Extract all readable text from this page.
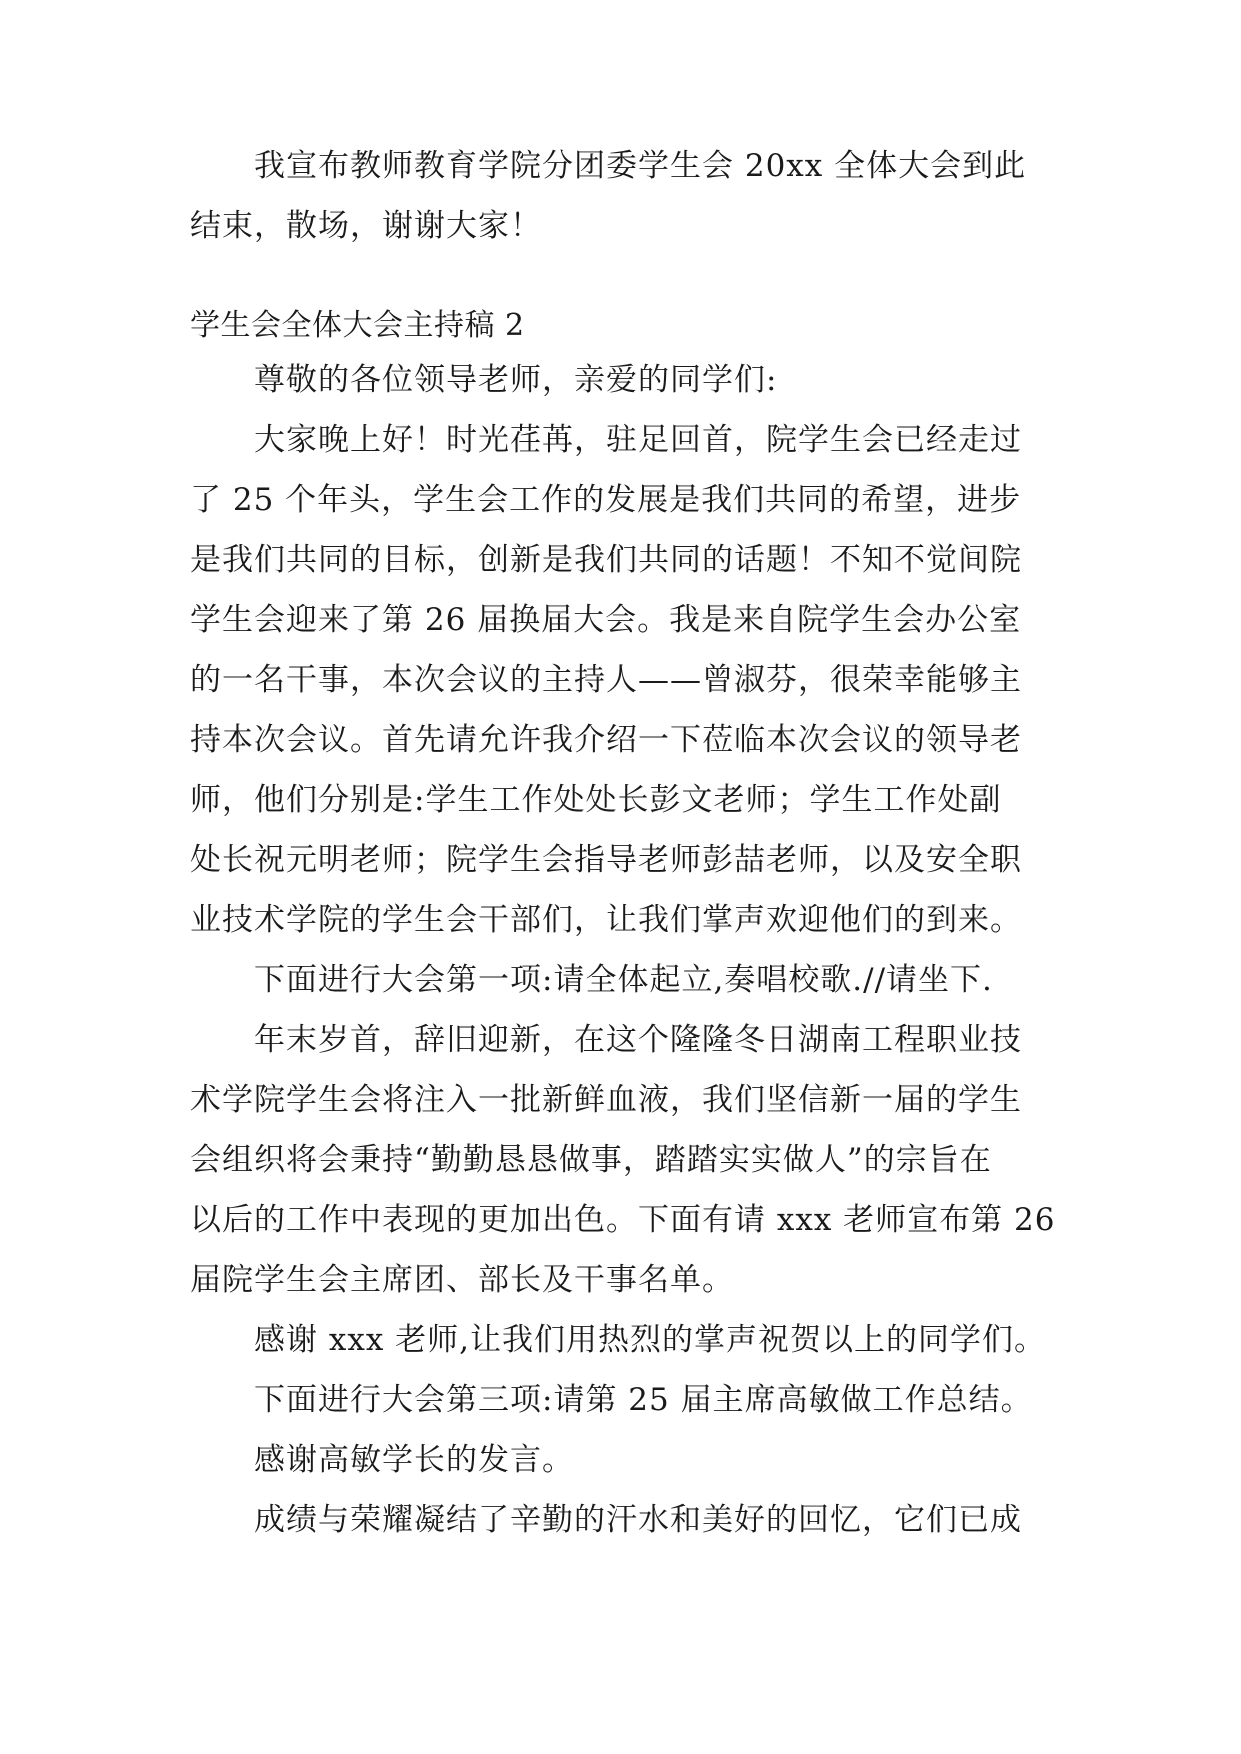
我宣布教师教育学院分团委学生会 20xx 全体大会到此
结束，散场，谢谢大家！
学生会全体大会主持稿 2
尊敬的各位领导老师，亲爱的同学们:
大家晚上好！时光荏苒，驻足回首，院学生会已经走过
了 25 个年头，学生会工作的发展是我们共同的希望，进步
是我们共同的目标，创新是我们共同的话题！不知不觉间院
学生会迎来了第 26 届换届大会。我是来自院学生会办公室
的一名干事，本次会议的主持人——曾淑芬，很荣幸能够主
持本次会议。首先请允许我介绍一下莅临本次会议的领导老
师，他们分别是:学生工作处处长彭文老师；学生工作处副
处长祝元明老师；院学生会指导老师彭喆老师，以及安全职
业技术学院的学生会干部们，让我们掌声欢迎他们的到来。
下面进行大会第一项:请全体起立,奏唱校歌.//请坐下.
年末岁首，辞旧迎新，在这个隆隆冬日湖南工程职业技
术学院学生会将注入一批新鲜血液，我们坚信新一届的学生
会组织将会秉持“勤勤恳恳做事，踏踏实实做人”的宗旨在
以后的工作中表现的更加出色。下面有请 xxx 老师宣布第 26
届院学生会主席团、部长及干事名单。
感谢 xxx 老师,让我们用热烈的掌声祝贺以上的同学们。
下面进行大会第三项:请第 25 届主席高敏做工作总结。
感谢高敏学长的发言。
成绩与荣耀凝结了辛勤的汗水和美好的回忆，它们已成
